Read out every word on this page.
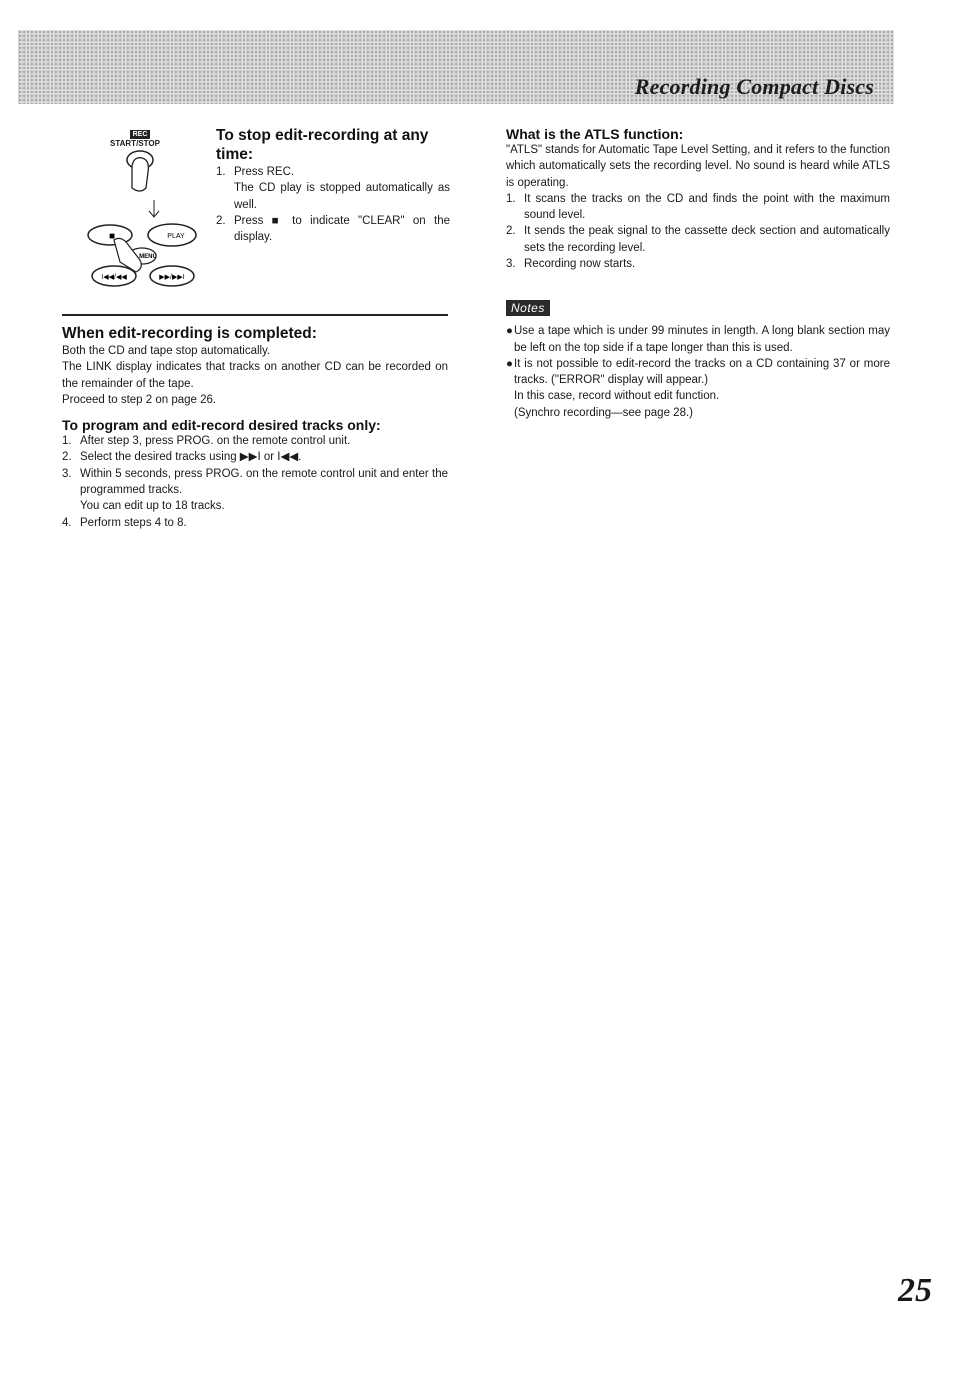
Recording Compact Discs
REC
START/STOP
■	PLAY
MENU
I◀◀/◀◀	▶▶/▶▶I
To stop edit-recording at any time:
1. Press REC.
The CD play is stopped automatically as well.
2. Press ■ to indicate "CLEAR" on the display.
When edit-recording is completed:

Both the CD and tape stop automatically.

The LINK display indicates that tracks on another CD can be recorded on the remainder of the tape.

Proceed to step 2 on page 26.

To program and edit-record desired tracks only:
1. After step 3, press PROG. on the remote control unit.
2. Select the desired tracks using ▶▶I or I◀◀.
3. Within 5 seconds, press PROG. on the remote control unit and enter the programmed tracks.
You can edit up to 18 tracks.
4. Perform steps 4 to 8.
What is the ATLS function:

"ATLS" stands for Automatic Tape Level Setting, and it refers to the function which automatically sets the recording level. No sound is heard while ATLS is operating.

1. It scans the tracks on the CD and finds the point with the maximum sound level.
2. It sends the peak signal to the cassette deck section and automatically sets the recording level.
3. Recording now starts.
Notes
● Use a tape which is under 99 minutes in length. A long blank section may be left on the top side if a tape longer than this is used.
● It is not possible to edit-record the tracks on a CD containing 37 or more tracks. ("ERROR" display will appear.)
In this case, record without edit function.
(Synchro recording—see page 28.)

25
